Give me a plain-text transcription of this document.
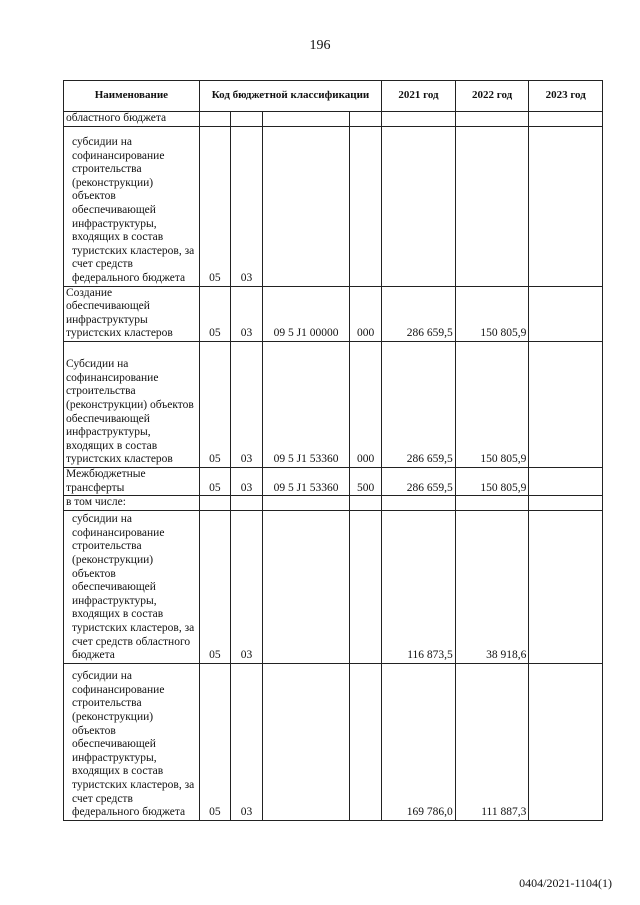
196
Наименование	Код бюджетной классификации				2021 год	2022 год	2023 год
областного бюджета							
субсидии на софинансирование строительства (реконструкции) объектов обеспечивающей инфраструктуры, входящих в состав туристских кластеров, за счет средств федерального бюджета	05	03					
Создание обеспечивающей инфраструктуры туристских кластеров	05	03	09 5 J1 00000	000	286 659,5	150 805,9	
Субсидии на софинансирование строительства (реконструкции) объектов обеспечивающей инфраструктуры, входящих в состав туристских кластеров	05	03	09 5 J1 53360	000	286 659,5	150 805,9	
Межбюджетные трансферты	05	03	09 5 J1 53360	500	286 659,5	150 805,9	
в том числе:							
субсидии на софинансирование строительства (реконструкции) объектов обеспечивающей инфраструктуры, входящих в состав туристских кластеров, за счет средств областного бюджета	05	03			116 873,5	38 918,6	
субсидии на софинансирование строительства (реконструкции) объектов обеспечивающей инфраструктуры, входящих в состав туристских кластеров, за счет средств федерального бюджета	05	03			169 786,0	111 887,3	
0404/2021-1104(1)
